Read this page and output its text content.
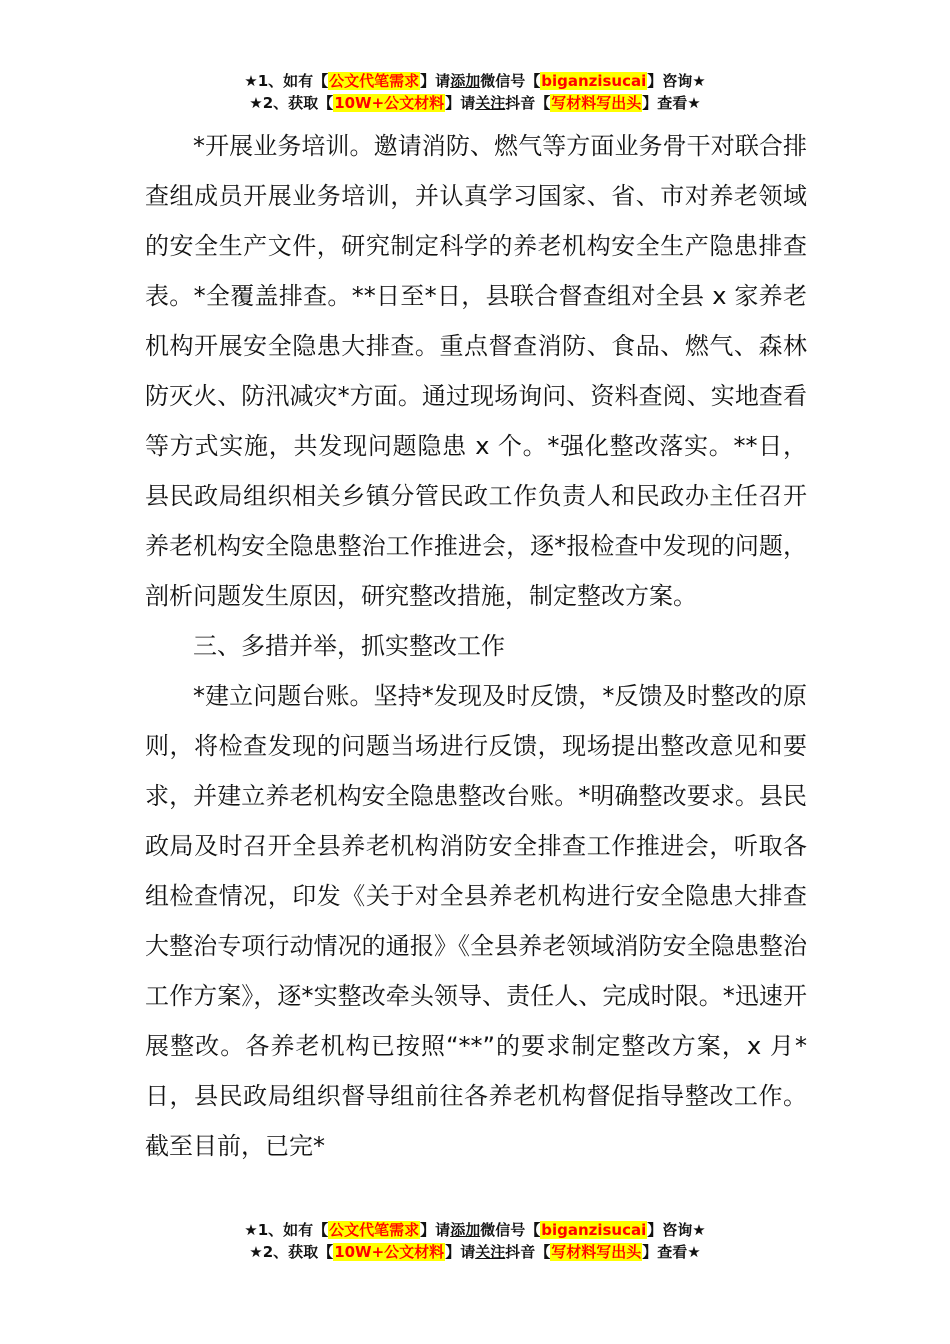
★1、如有【公文代笔需求】请添加微信号【biganzisucai】咨询★
★2、获取【10W+公文材料】请关注抖音【写材料写出头】查看★

*开展业务培训。邀请消防、燃气等方面业务骨干对联合排查组成员开展业务培训，并认真学习国家、省、市对养老领域的安全生产文件，研究制定科学的养老机构安全生产隐患排查表。*全覆盖排查。**日至*日，县联合督查组对全县 x 家养老机构开展安全隐患大排查。重点督查消防、食品、燃气、森林防灭火、防汛减灾*方面。通过现场询问、资料查阅、实地查看等方式实施，共发现问题隐患 x 个。*强化整改落实。**日，县民政局组织相关乡镇分管民政工作负责人和民政办主任召开养老机构安全隐患整治工作推进会，逐*报检查中发现的问题，剖析问题发生原因，研究整改措施，制定整改方案。

三、多措并举，抓实整改工作

*建立问题台账。坚持*发现及时反馈，*反馈及时整改的原则，将检查发现的问题当场进行反馈，现场提出整改意见和要求，并建立养老机构安全隐患整改台账。*明确整改要求。县民政局及时召开全县养老机构消防安全排查工作推进会，听取各组检查情况，印发《关于对全县养老机构进行安全隐患大排查大整治专项行动情况的通报》《全县养老领域消防安全隐患整治工作方案》，逐*实整改牵头领导、责任人、完成时限。*迅速开展整改。各养老机构已按照“**”的要求制定整改方案，x 月*日，县民政局组织督导组前往各养老机构督促指导整改工作。截至目前，已完*

★1、如有【公文代笔需求】请添加微信号【biganzisucai】咨询★
★2、获取【10W+公文材料】请关注抖音【写材料写出头】查看★
